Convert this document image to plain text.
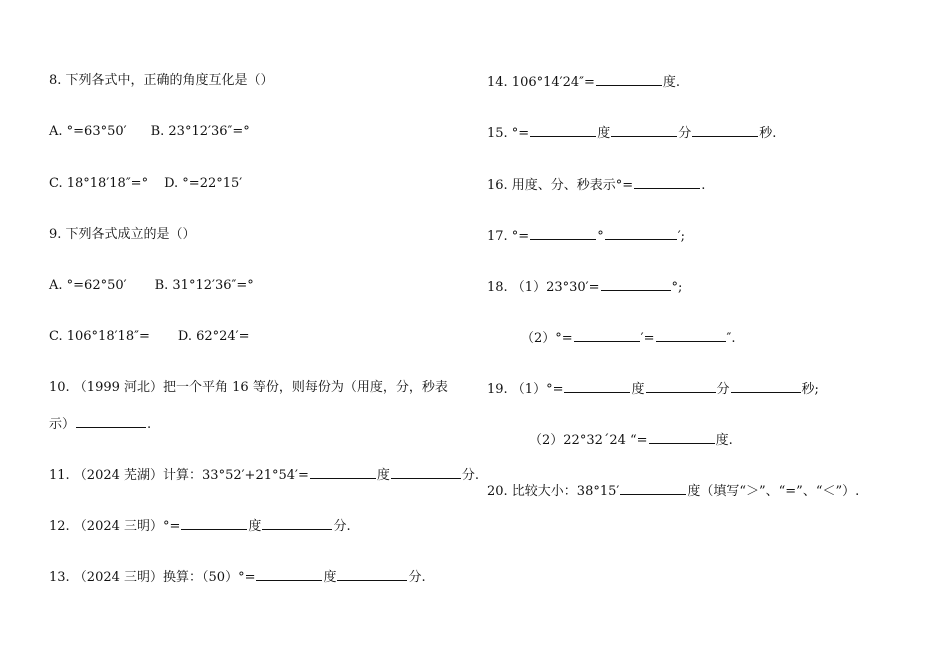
8. 下列各式中，正确的角度互化是（）
A. °=63°50′ B. 23°12′36″=°
C. 18°18′18″=° D. °=22°15′
9. 下列各式成立的是（）
A. °=62°50′ B. 31°12′36″=°
C. 106°18′18″= D. 62°24′=
10. （1999 河北）把一个平角 16 等份，则每份为（用度，分，秒表
示）	.
11. （2024 芜湖）计算：33°52′+21°54′=	度	分.
12. （2024 三明）°=	度	分.
13. （2024 三明）换算：（50）°=	度	分.
14. 106°14′24″=	度.
15. °=	度	分	秒.
16. 用度、分、秒表示°=	.
17. °=	°	′;
18. （1）23°30′=	°;
（2）°=	′=	″.
19. （1）°=	度	分	秒;
（2）22°32´24 “=	度.
20. 比较大小：38°15′	度（填写“＞”、“=”、“＜”）.
